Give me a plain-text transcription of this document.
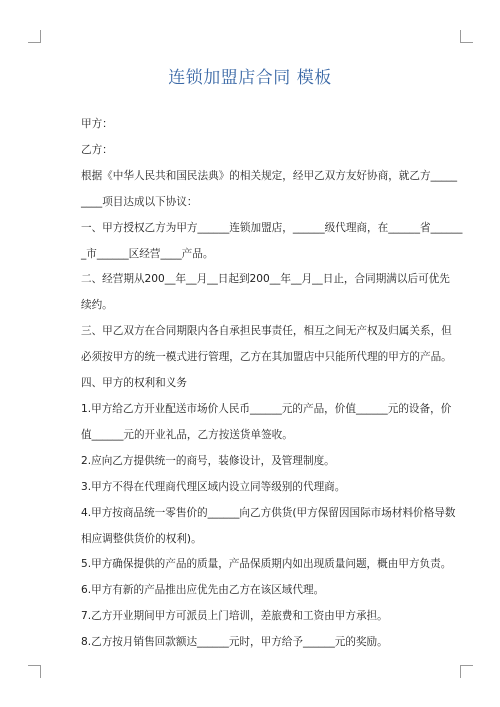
连锁加盟店合同 模板

甲方：

乙方：

根据《中华人民共和国民法典》的相关规定，经甲乙双方友好协商，就乙方_____

____项目达成以下协议：

一、甲方授权乙方为甲方______连锁加盟店，______级代理商，在______省______

_市______区经营____产品。

二、经营期从200__年__月__日起到200__年__月__日止，合同期满以后可优先

续约。

三、甲乙双方在合同期限内各自承担民事责任，相互之间无产权及归属关系，但

必须按甲方的统一模式进行管理，乙方在其加盟店中只能所代理的甲方的产品。

四、甲方的权利和义务

1.甲方给乙方开业配送市场价人民币______元的产品，价值______元的设备，价

值______元的开业礼品，乙方按送货单签收。

2.应向乙方提供统一的商号，装修设计，及管理制度。

3.甲方不得在代理商代理区域内设立同等级别的代理商。

4.甲方按商品统一零售价的______向乙方供货(甲方保留因国际市场材料价格导数

相应调整供货价的权利)。

5.甲方确保提供的产品的质量，产品保质期内如出现质量问题，概由甲方负责。

6.甲方有新的产品推出应优先由乙方在该区域代理。

7.乙方开业期间甲方可派员上门培训，差旅费和工资由甲方承担。

8.乙方按月销售回款额达______元时，甲方给予______元的奖励。
